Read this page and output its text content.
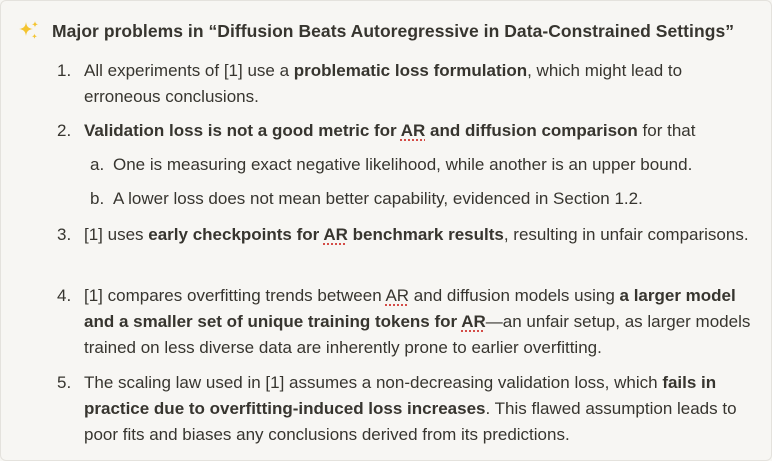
Major problems in “Diffusion Beats Autoregressive in Data-Constrained Settings”
1. All experiments of [1] use a problematic loss formulation, which might lead to erroneous conclusions.
2. Validation loss is not a good metric for AR and diffusion comparison for that
a. One is measuring exact negative likelihood, while another is an upper bound.
b. A lower loss does not mean better capability, evidenced in Section 1.2.
3. [1] uses early checkpoints for AR benchmark results, resulting in unfair comparisons.
4. [1] compares overfitting trends between AR and diffusion models using a larger model and a smaller set of unique training tokens for AR—an unfair setup, as larger models trained on less diverse data are inherently prone to earlier overfitting.
5. The scaling law used in [1] assumes a non-decreasing validation loss, which fails in practice due to overfitting-induced loss increases. This flawed assumption leads to poor fits and biases any conclusions derived from its predictions.
